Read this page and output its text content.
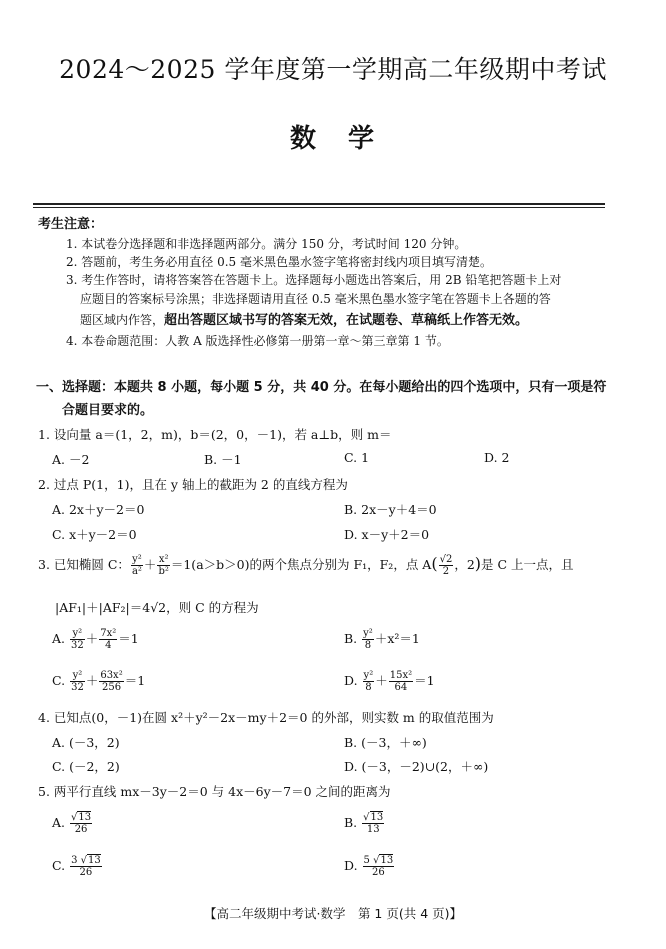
2024～2025 学年度第一学期高二年级期中考试
数学
考生注意：
1. 本试卷分选择题和非选择题两部分。满分 150 分，考试时间 120 分钟。
2. 答题前，考生务必用直径 0.5 毫米黑色墨水签字笔将密封线内项目填写清楚。
3. 考生作答时，请将答案答在答题卡上。选择题每小题选出答案后，用 2B 铅笔把答题卡上对
应题目的答案标号涂黑；非选择题请用直径 0.5 毫米黑色墨水签字笔在答题卡上各题的答
题区域内作答，超出答题区域书写的答案无效，在试题卷、草稿纸上作答无效。
4. 本卷命题范围：人教 A 版选择性必修第一册第一章～第三章第 1 节。
一、选择题：本题共 8 小题，每小题 5 分，共 40 分。在每小题给出的四个选项中，只有一项是符
合题目要求的。
1. 设向量 a＝(1，2，m)，b＝(2，0，－1)，若 a⊥b，则 m＝
A. －2	B. －1	C. 1	D. 2
2. 过点 P(1，1)，且在 y 轴上的截距为 2 的直线方程为
A. 2x＋y－2＝0	B. 2x－y＋4＝0
C. x＋y－2＝0	D. x－y＋2＝0
3. 已知椭圆 C： $\frac{\text{y²}}{\text{a²}} + \frac{\text{x²}}{\text{b²}} =1(a>b>0)$的两个焦点分别为 F₁，F₂，点 $A( \frac{√2}{2}$ ，2)是 C 上一点，且
|AF₁|＋|AF₂|＝4√2，则 C 的方程为
A. $\frac{\text{y²}}{32} + \frac{\text{7x²}}{4} =1$	B. $\frac{\text{y²}}{8} +x^2=1$
C. $\frac{\text{y²}}{32} + \frac{\text{63x²}}{256} =1$	D. $\frac{\text{y²}}{8} + \frac{\text{15x²}}{64} =1$
4. 已知点(0，－1)在圆 x²＋y²－2x－my＋2＝0 的外部，则实数 m 的取值范围为
A. (－3，2)	B. (－3，＋∞)
C. (－2，2)	D. (－3，－2)∪(2，＋∞)
5. 两平行直线 mx－3y－2＝0 与 4x－6y－7＝0 之间的距离为
A. $\frac{√13}{26}$	B. $\frac{√13}{13}$
C. $\frac{3 √13}{26}$	D. $\frac{5 √13}{26}$
【高二年级期中考试·数学　第 1 页(共 4 页)】
